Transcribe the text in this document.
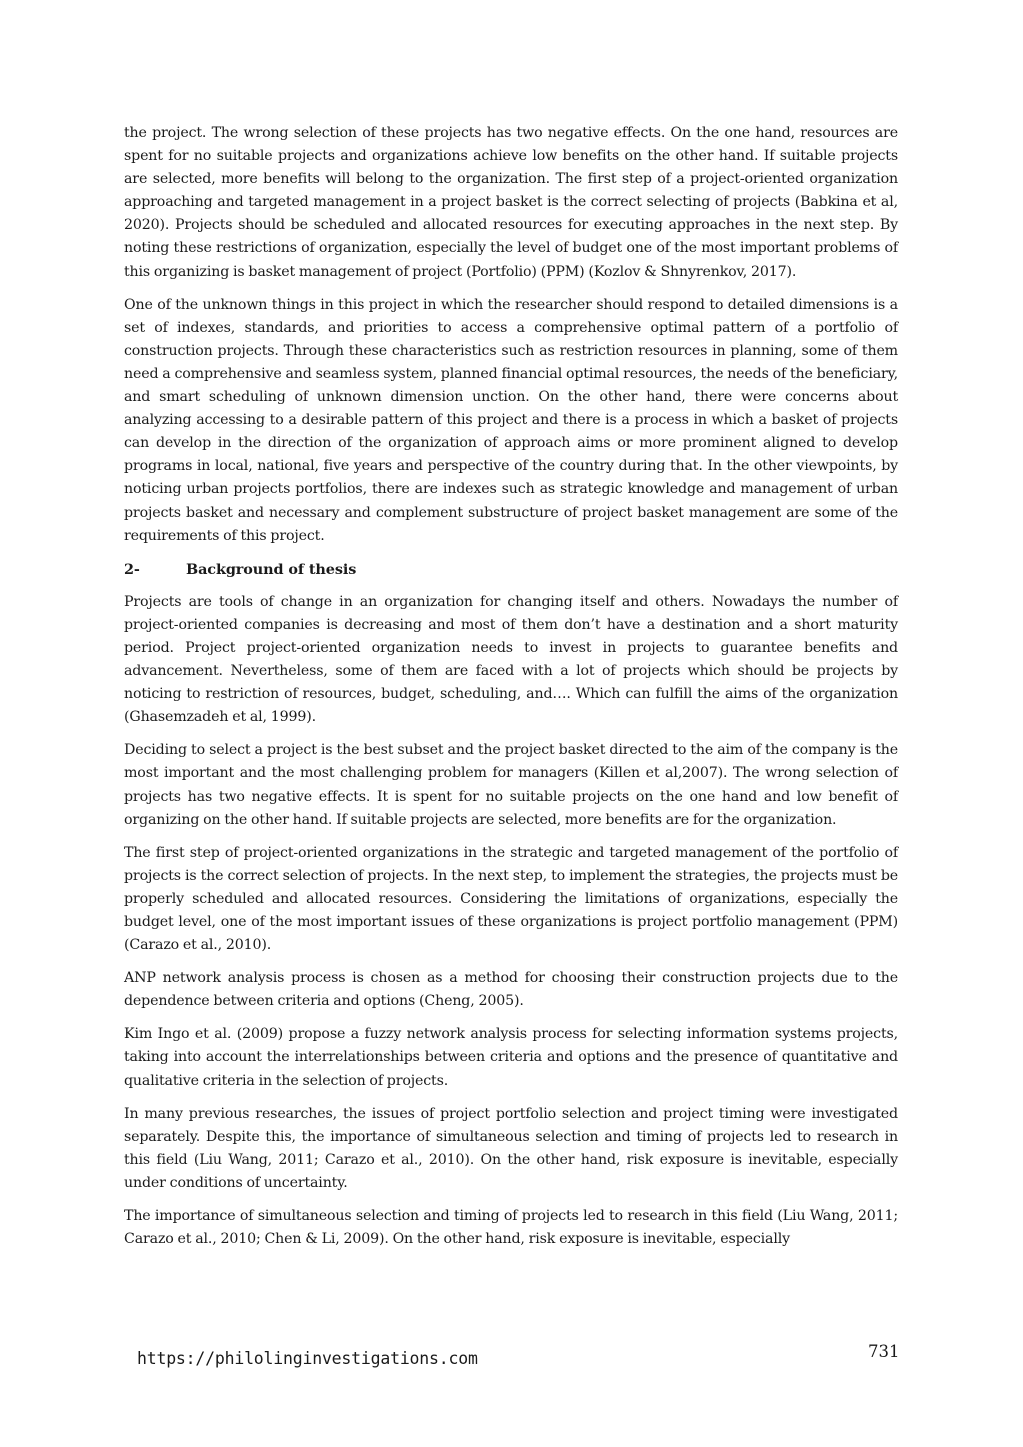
the project. The wrong selection of these projects has two negative effects. On the one hand, resources are spent for no suitable projects and organizations achieve low benefits on the other hand. If suitable projects are selected, more benefits will belong to the organization. The first step of a project-oriented organization approaching and targeted management in a project basket is the correct selecting of projects (Babkina et al, 2020). Projects should be scheduled and allocated resources for executing approaches in the next step. By noting these restrictions of organization, especially the level of budget one of the most important problems of this organizing is basket management of project (Portfolio) (PPM) (Kozlov & Shnyrenkov, 2017).

One of the unknown things in this project in which the researcher should respond to detailed dimensions is a set of indexes, standards, and priorities to access a comprehensive optimal pattern of a portfolio of construction projects. Through these characteristics such as restriction resources in planning, some of them need a comprehensive and seamless system, planned financial optimal resources, the needs of the beneficiary, and smart scheduling of unknown dimension unction. On the other hand, there were concerns about analyzing accessing to a desirable pattern of this project and there is a process in which a basket of projects can develop in the direction of the organization of approach aims or more prominent aligned to develop programs in local, national, five years and perspective of the country during that. In the other viewpoints, by noticing urban projects portfolios, there are indexes such as strategic knowledge and management of urban projects basket and necessary and complement substructure of project basket management are some of the requirements of this project.

2-	Background of thesis

Projects are tools of change in an organization for changing itself and others. Nowadays the number of project-oriented companies is decreasing and most of them don’t have a destination and a short maturity period. Project project-oriented organization needs to invest in projects to guarantee benefits and advancement. Nevertheless, some of them are faced with a lot of projects which should be projects by noticing to restriction of resources, budget, scheduling, and…. Which can fulfill the aims of the organization (Ghasemzadeh et al, 1999).

Deciding to select a project is the best subset and the project basket directed to the aim of the company is the most important and the most challenging problem for managers (Killen et al,2007). The wrong selection of projects has two negative effects. It is spent for no suitable projects on the one hand and low benefit of organizing on the other hand. If suitable projects are selected, more benefits are for the organization.

The first step of project-oriented organizations in the strategic and targeted management of the portfolio of projects is the correct selection of projects. In the next step, to implement the strategies, the projects must be properly scheduled and allocated resources. Considering the limitations of organizations, especially the budget level, one of the most important issues of these organizations is project portfolio management (PPM) (Carazo et al., 2010).

ANP network analysis process is chosen as a method for choosing their construction projects due to the dependence between criteria and options (Cheng, 2005).

Kim Ingo et al. (2009) propose a fuzzy network analysis process for selecting information systems projects, taking into account the interrelationships between criteria and options and the presence of quantitative and qualitative criteria in the selection of projects.

In many previous researches, the issues of project portfolio selection and project timing were investigated separately. Despite this, the importance of simultaneous selection and timing of projects led to research in this field (Liu Wang, 2011; Carazo et al., 2010). On the other hand, risk exposure is inevitable, especially under conditions of uncertainty.

The importance of simultaneous selection and timing of projects led to research in this field (Liu Wang, 2011; Carazo et al., 2010; Chen & Li, 2009). On the other hand, risk exposure is inevitable, especially

https://philolinginvestigations.com	731
